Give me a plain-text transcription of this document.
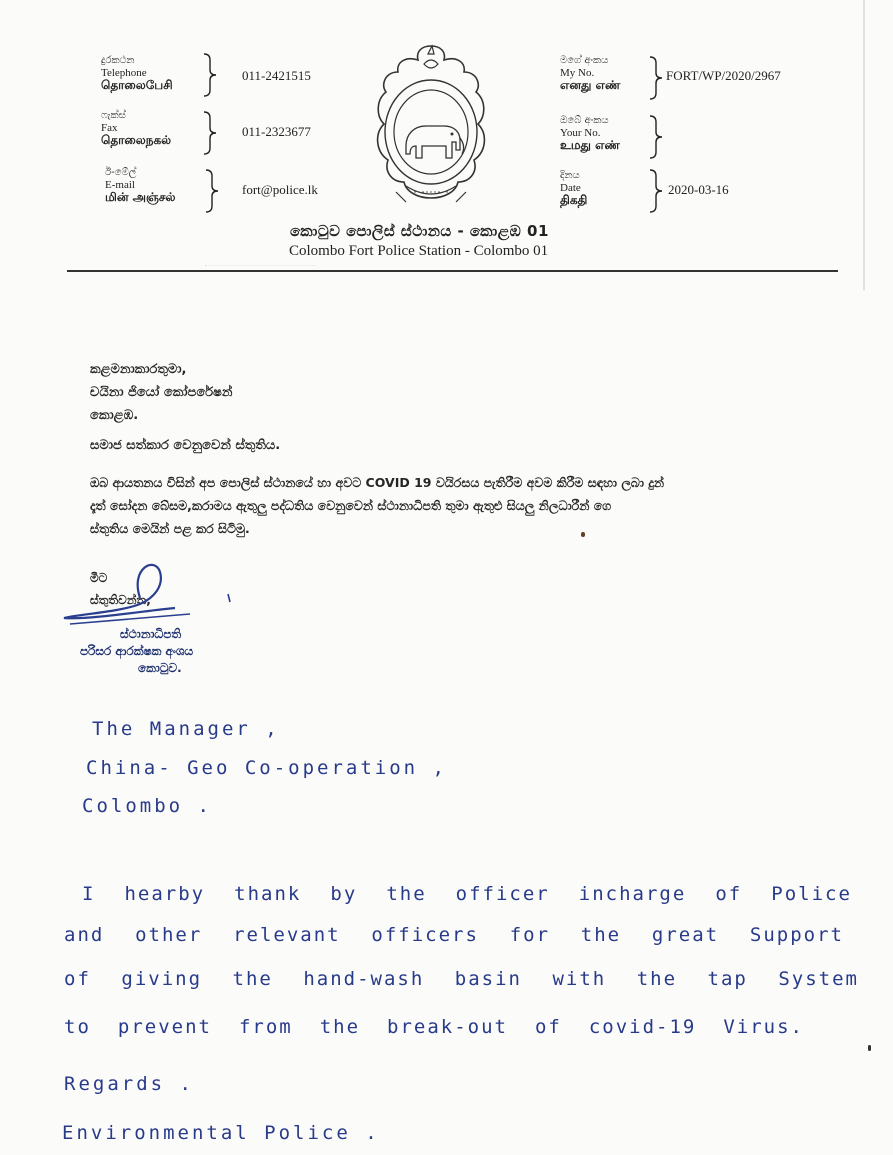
දුරකථන
Telephone
தொலைபேசி
011-2421515
ෆැක්ස්
Fax
தொலைநகல்
011-2323677
ඊ-මේල්
E-mail
மின் அஞ்சல்	fort@police.lk
මගේ අංකය
My No.
எனது எண்
FORT/WP/2020/2967
ඔබේ අංකය
Your No.
உமது எண்
දිනය
Date
திகதி
2020-03-16
කොටුව පොලිස් ස්ථානය - කොළඹ 01
Colombo Fort Police Station - Colombo 01
කළමනාකාරතුමා,
චයිනා ජියෝ කෝපරේෂන්
කොළඹ.
සමාජ සත්කාර වෙනුවෙන් ස්තුතිය.
ඔබ ආයතනය විසින් අප පොලිස් ස්ථානයේ හා අවට COVID 19 වයිරසය පැතිරීම අවම කිරීම සඳහා ලබා දුන්
දෑත් සෝදන බේසම,කරාමය ඇතුලු පද්ධතිය වෙනුවෙන් ස්ථානාධිපති තුමා ඇතුළු සියලු නිලධාරීන් ගෙ
ස්තුතිය මෙයින් පළ කර සිටිමු.
මීට
ස්තුතිවන්ත,
ස්ථානාධිපති
පරිසර ආරක්ෂක අංශය
කොටුව.
The Manager ,
China- Geo Co-operation ,
Colombo .
I hearby thank by the officer incharge of Police
and other relevant officers for the great Support
of giving the hand-wash basin with the tap System
to prevent from the break-out of covid-19 Virus.
Regards .
Environmental Police .
